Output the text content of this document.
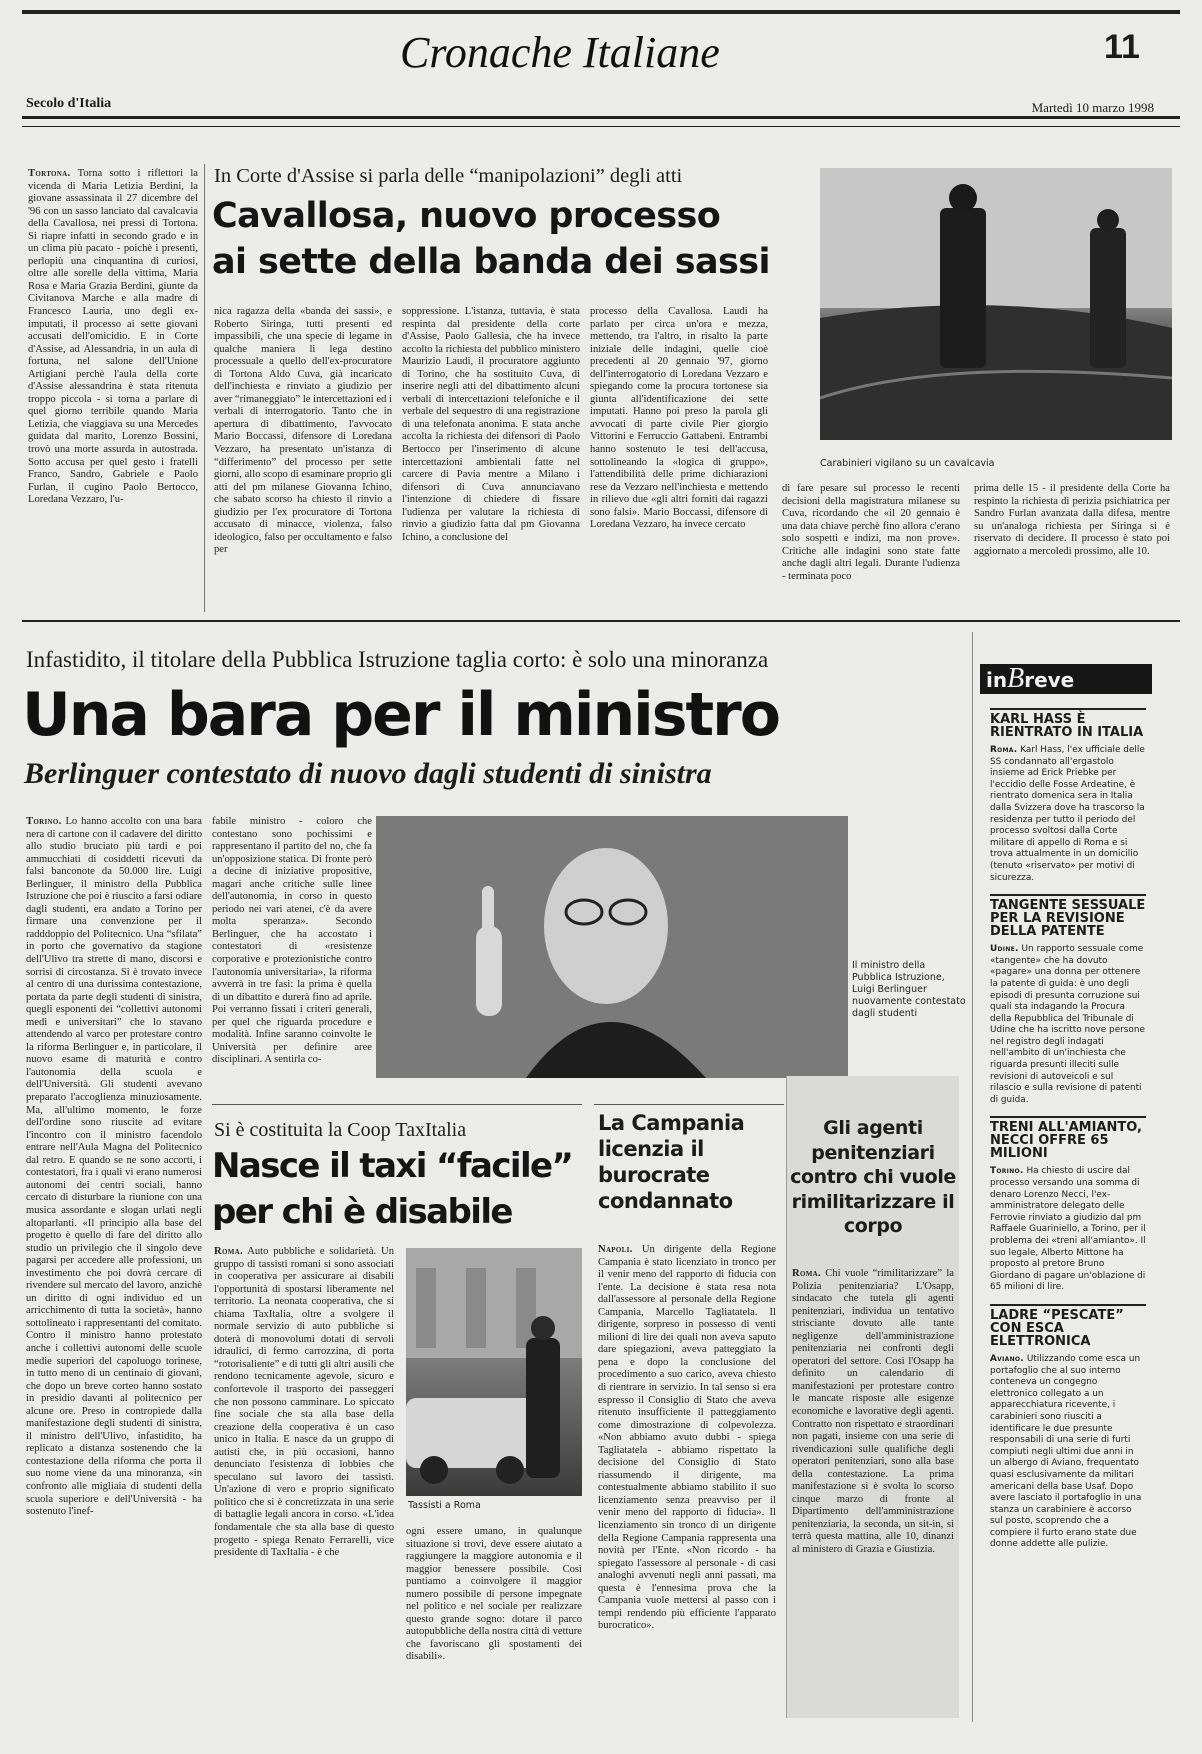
Cronache Italiane	11
Secolo d'Italia	Martedì 10 marzo 1998

Tortona. Torna sotto i riflettori la vicenda di Maria Letizia Berdini, la giovane assassinata il 27 dicembre del '96 con un sasso lanciato dal cavalcavia della Cavallosa, nei pressi di Tortona. Si riapre infatti in secondo grado e in un clima più pacato - poichè i presenti, perlopiù una cinquantina di curiosi, oltre alle sorelle della vittima, Maria Rosa e Maria Grazia Berdini, giunte da Civitanova Marche e alla madre di Francesco Lauria, uno degli ex-imputati, il processo ai sette giovani accusati dell'omicidio. E in Corte d'Assise, ad Alessandria, in un aula di fortuna, nel salone dell'Unione Artigiani perchè l'aula della corte d'Assise alessandrina è stata ritenuta troppo piccola - si torna a parlare di quel giorno terribile quando Maria Letizia, che viaggiava su una Mercedes guidata dal marito, Lorenzo Bossini, trovò una morte assurda in autostrada. Sotto accusa per quel gesto i fratelli Franco, Sandro, Gabriele e Paolo Furlan, il cugino Paolo Bertocco, Loredana Vezzaro, l'u-

In Corte d'Assise si parla delle “manipolazioni” degli atti
Cavallosa, nuovo processo
ai sette della banda dei sassi
nica ragazza della «banda dei sassi», e Roberto Siringa, tutti presenti ed impassibili, che una specie di legame in qualche maniera li lega destino processuale a quello dell'ex-procuratore di Tortona Aldo Cuva, già incaricato dell'inchiesta e rinviato a giudizio per aver “rimaneggiato” le intercettazioni ed i verbali di interrogatorio. Tanto che in apertura di dibattimento, l'avvocato Mario Boccassi, difensore di Loredana Vezzaro, ha presentato un'istanza di “differimento” del processo per sette giorni, allo scopo di esaminare proprio gli atti del pm milanese Giovanna Ichino, che sabato scorso ha chiesto il rinvio a giudizio per l'ex procuratore di Tortona accusato di minacce, violenza, falso ideologico, falso per occultamento e falso per
soppressione. L'istanza, tuttavia, è stata respinta dal presidente della corte d'Assise, Paolo Gallesia, che ha invece accolto la richiesta del pubblico ministero Maurizio Laudi, il procuratore aggiunto di Torino, che ha sostituito Cuva, di inserire negli atti del dibattimento alcuni verbali di intercettazioni telefoniche e il verbale del sequestro di una registrazione di una telefonata anonima. E stata anche accolta la richiesta dei difensori di Paolo Bertocco per l'inserimento di alcune intercettazioni ambientali fatte nel carcere di Pavia mentre a Milano i difensori di Cuva annunciavano l'intenzione di chiedere di fissare l'udienza per valutare la richiesta di rinvio a giudizio fatta dal pm Giovanna Ichino, a conclusione del
processo della Cavallosa. Laudi ha parlato per circa un'ora e mezza, mettendo, tra l'altro, in risalto la parte iniziale delle indagini, quelle cioè precedenti al 20 gennaio '97, giorno dell'interrogatorio di Loredana Vezzaro e spiegando come la procura tortonese sia giunta all'identificazione dei sette imputati. Hanno poi preso la parola gli avvocati di parte civile Pier giorgio Vittorini e Ferruccio Gattabeni. Entrambi hanno sostenuto le tesi dell'accusa, sottolineando la «logica di gruppo», l'attendibilità delle prime dichiarazioni rese da Vezzaro nell'inchiesta e mettendo in rilievo due «gli altri fornitì dai ragazzi sono falsi». Mario Boccassi, difensore di Loredana Vezzaro, ha invece cercato
Carabinieri vigilano su un cavalcavia
di fare pesare sul processo le recenti decisioni della magistratura milanese su Cuva, ricordando che «il 20 gennaio è una data chiave perchè fino allora c'erano solo sospetti e indizi, ma non prove». Critiche alle indagini sono state fatte anche dagli altri legali. Durante l'udienza - terminata poco
prima delle 15 - il presidente della Corte ha respinto la richiesta di perizia psichiatrica per Sandro Furlan avanzata dalla difesa, mentre su un'analoga richiesta per Siringa si è riservato di decidere. Il processo è stato poi aggiornato a mercoledì prossimo, alle 10.
Infastidito, il titolare della Pubblica Istruzione taglia corto: è solo una minoranza
Una bara per il ministro
Berlinguer contestato di nuovo dagli studenti di sinistra

Torino. Lo hanno accolto con una bara nera di cartone con il cadavere del diritto allo studio bruciato più tardi e poi ammucchiati di cosiddetti ricevuti da falsi banconote da 50.000 lire. Luigi Berlinguer, il ministro della Pubblica Istruzione che poi è riuscito a farsi odiare dagli studenti, era andato a Torino per firmare una convenzione per il radddoppio del Politecnico. Una “sfilata” in porto che governativo da stagione dell'Ulivo tra strette di mano, discorsi e sorrisi di circostanza. Si è trovato invece al centro di una durissima contestazione, portata da parte degli studenti di sinistra, quegli esponenti dei “collettivi autonomi medi e universitari” che lo stavano attendendo al varco per protestare contro la riforma Berlinguer e, in particolare, il nuovo esame di maturità e contro l'autonomia della scuola e dell'Università. Gli studenti avevano preparato l'accoglienza minuziosamente. Ma, all'ultimo momento, le forze dell'ordine sono riuscite ad evitare l'incontro con il ministro facendolo entrare nell'Aula Magna del Politecnico dal retro. E quando se ne sono accorti, i contestatori, fra i quali vi erano numerosi autonomi dei centri sociali, hanno cercato di disturbare la riunione con una musica assordante e slogan urlati negli altoparlanti. «Il principio alla base del progetto è quello di fare del diritto allo studio un privilegio che il singolo deve pagarsi per accedere alle professioni, un investimento che poi dovrà cercare di rivendere sul mercato del lavoro, anzichè un diritto di ogni individuo ed un arricchimento di tutta la società», hanno sottolineato i rappresentanti del comitato. Contro il ministro hanno protestato anche i collettivi autonomi delle scuole medie superiori del capoluogo torinese, in tutto meno di un centinaio di giovani, che dopo un breve corteo hanno sostato in presidio davanti al politecnico per alcune ore. Preso in contropiede dalla manifestazione degli studenti di sinistra, il ministro dell'Ulivo, infastidito, ha replicato a distanza sostenendo che la contestazione della riforma che porta il suo nome viene da una minoranza, «in confronto alle migliaia di studenti della scuola superiore e dell'Università - ha sostenuto l'inef-

fabile ministro - coloro che contestano sono pochissimi e rappresentano il partito del no, che fa un'opposizione statica. Di fronte però a decine di iniziative propositive, magari anche critiche sulle linee dell'autonomia, in corso in questo periodo nei vari atenei, c'è da avere molta speranza». Secondo Berlinguer, che ha accostato i contestatori di «resistenze corporative e protezionistiche contro l'autonomia universitaria», la riforma avverrà in tre fasi: la prima è quella di un dibattito e durerà fino ad aprile. Poi verranno fissati i criteri generali, per quel che riguarda procedure e modalità. Infine saranno coinvolte le Università per definire aree disciplinari. A sentirla co-
Il ministro della Pubblica Istruzione, Luigi Berlinguer nuovamente contestato dagli studenti
Si è costituita la Coop TaxItalia
Nasce il taxi “facile”
per chi è disabile

Roma. Auto pubbliche e solidarietà. Un gruppo di tassisti romani si sono associati in cooperativa per assicurare ai disabili l'opportunità di spostarsi liberamente nel territorio. La neonata cooperativa, che si chiama TaxItalia, oltre a svolgere il normale servizio di auto pubbliche si doterà di monovolumi dotati di servoli idraulici, di fermo carrozzina, di porta “rotorisaliente” e di tutti gli altri ausili che rendono tecnicamente agevole, sicuro e confortevole il trasporto dei passeggeri che non possono camminare. Lo spiccato fine sociale che sta alla base della creazione della cooperativa è un caso unico in Italia. E nasce da un gruppo di autisti che, in più occasioni, hanno denunciato l'esistenza di lobbies che speculano sul lavoro dei tassisti. Un'azione di vero e proprio significato politico che si è concretizzata in una serie di battaglie legali ancora in corso. «L'idea fondamentale che sta alla base di questo progetto - spiega Renato Ferrarelli, vice presidente di TaxItalia - è che

Tassisti a Roma
ogni essere umano, in qualunque situazione si trovi, deve essere aiutato a raggiungere la maggiore autonomia e il maggior benessere possibile. Così puntiamo a coinvolgere il maggior numero possibile di persone impegnate nel politico e nel sociale per realizzare questo grande sogno: dotare il parco autopubbliche della nostra città di vetture che favoriscano gli spostamenti dei disabili».
La Campania licenzia il burocrate condannato

Napoli. Un dirigente della Regione Campania è stato licenziato in tronco per il venir meno del rapporto di fiducia con l'ente. La decisione è stata resa nota dall'assessore al personale della Regione Campania, Marcello Tagliatatela. Il dirigente, sorpreso in possesso di venti milioni di lire dei quali non aveva saputo dare spiegazioni, aveva patteggiato la pena e dopo la conclusione del procedimento a suo carico, aveva chiesto di rientrare in servizio. In tal senso si era espresso il Consiglio di Stato che aveva ritenuto insufficiente il patteggiamento come dimostrazione di colpevolezza. «Non abbiamo avuto dubbi - spiega Tagliatatela - abbiamo rispettato la decisione del Consiglio di Stato riassumendo il dirigente, ma contestualmente abbiamo stabilito il suo licenziamento senza preavviso per il venir meno del rapporto di fiducia». Il licenziamento sin tronco di un dirigente della Regione Campania rappresenta una novità per l'Ente. «Non ricordo - ha spiegato l'assessore al personale - di casi analoghi avvenuti negli anni passati, ma questa è l'ennesima prova che la Campania vuole mettersi al passo con i tempi rendendo più efficiente l'apparato burocratico».

Gli agenti penitenziari contro chi vuole rimilitarizzare il corpo

Roma. Chi vuole “rimilitarizzare” la Polizia penitenziaria? L'Osapp, sindacato che tutela gli agenti penitenziari, individua un tentativo strisciante dovuto alle tante negligenze dell'amministrazione penitenziaria nei confronti degli operatori del settore. Così l'Osapp ha definito un calendario di manifestazioni per protestare contro le mancate risposte alle esigenze economiche e lavorative degli agenti. Contratto non rispettato e straordinari non pagati, insieme con una serie di rivendicazioni sulle qualifiche degli operatori penitenziari, sono alla base della contestazione. La prima manifestazione si è svolta lo scorso cinque marzo di fronte al Dipartimento dell'amministrazione penitenziaria, la seconda, un sit-in, si terrà questa mattina, alle 10, dinanzi al ministero di Grazia e Giustizia.

inBreve
KARL HASS È RIENTRATO IN ITALIA

Roma. Karl Hass, l'ex ufficiale delle SS condannato all'ergastolo insieme ad Erick Priebke per l'eccidio delle Fosse Ardeatine, è rientrato domenica sera in Italia dalla Svizzera dove ha trascorso la residenza per tutto il periodo del processo svoltosi dalla Corte militare di appello di Roma e si trova attualmente in un domicilio (tenuto «riservato» per motivi di sicurezza.

TANGENTE SESSUALE PER LA REVISIONE DELLA PATENTE

Udine. Un rapporto sessuale come «tangente» che ha dovuto «pagare» una donna per ottenere la patente di guida: è uno degli episodi di presunta corruzione sui quali sta indagando la Procura della Repubblica del Tribunale di Udine che ha iscritto nove persone nel registro degli indagati nell'ambito di un'inchiesta che riguarda presunti illeciti sulle revisioni di autoveicoli e sul rilascio e sulla revisione di patenti di guida.

TRENI ALL'AMIANTO, NECCI OFFRE 65 MILIONI

Torino. Ha chiesto di uscire dal processo versando una somma di denaro Lorenzo Necci, l'ex-amministratore delegato delle Ferrovie rinviato a giudizio dal pm Raffaele Guariniello, a Torino, per il problema dei «treni all'amianto». Il suo legale, Alberto Mittone ha proposto al pretore Bruno Giordano di pagare un'oblazione di 65 milioni di lire.

LADRE “PESCATE” CON ESCA ELETTRONICA

Aviano. Utilizzando come esca un portafoglio che al suo interno conteneva un congegno elettronico collegato a un apparecchiatura ricevente, i carabinieri sono riusciti a identificare le due presunte responsabili di una serie di furti compiuti negli ultimi due anni in un albergo di Aviano, frequentato quasi esclusivamente da militari americani della base Usaf. Dopo avere lasciato il portafoglio in una stanza un carabiniere è accorso sul posto, scoprendo che a compiere il furto erano state due donne addette alle pulizie.
